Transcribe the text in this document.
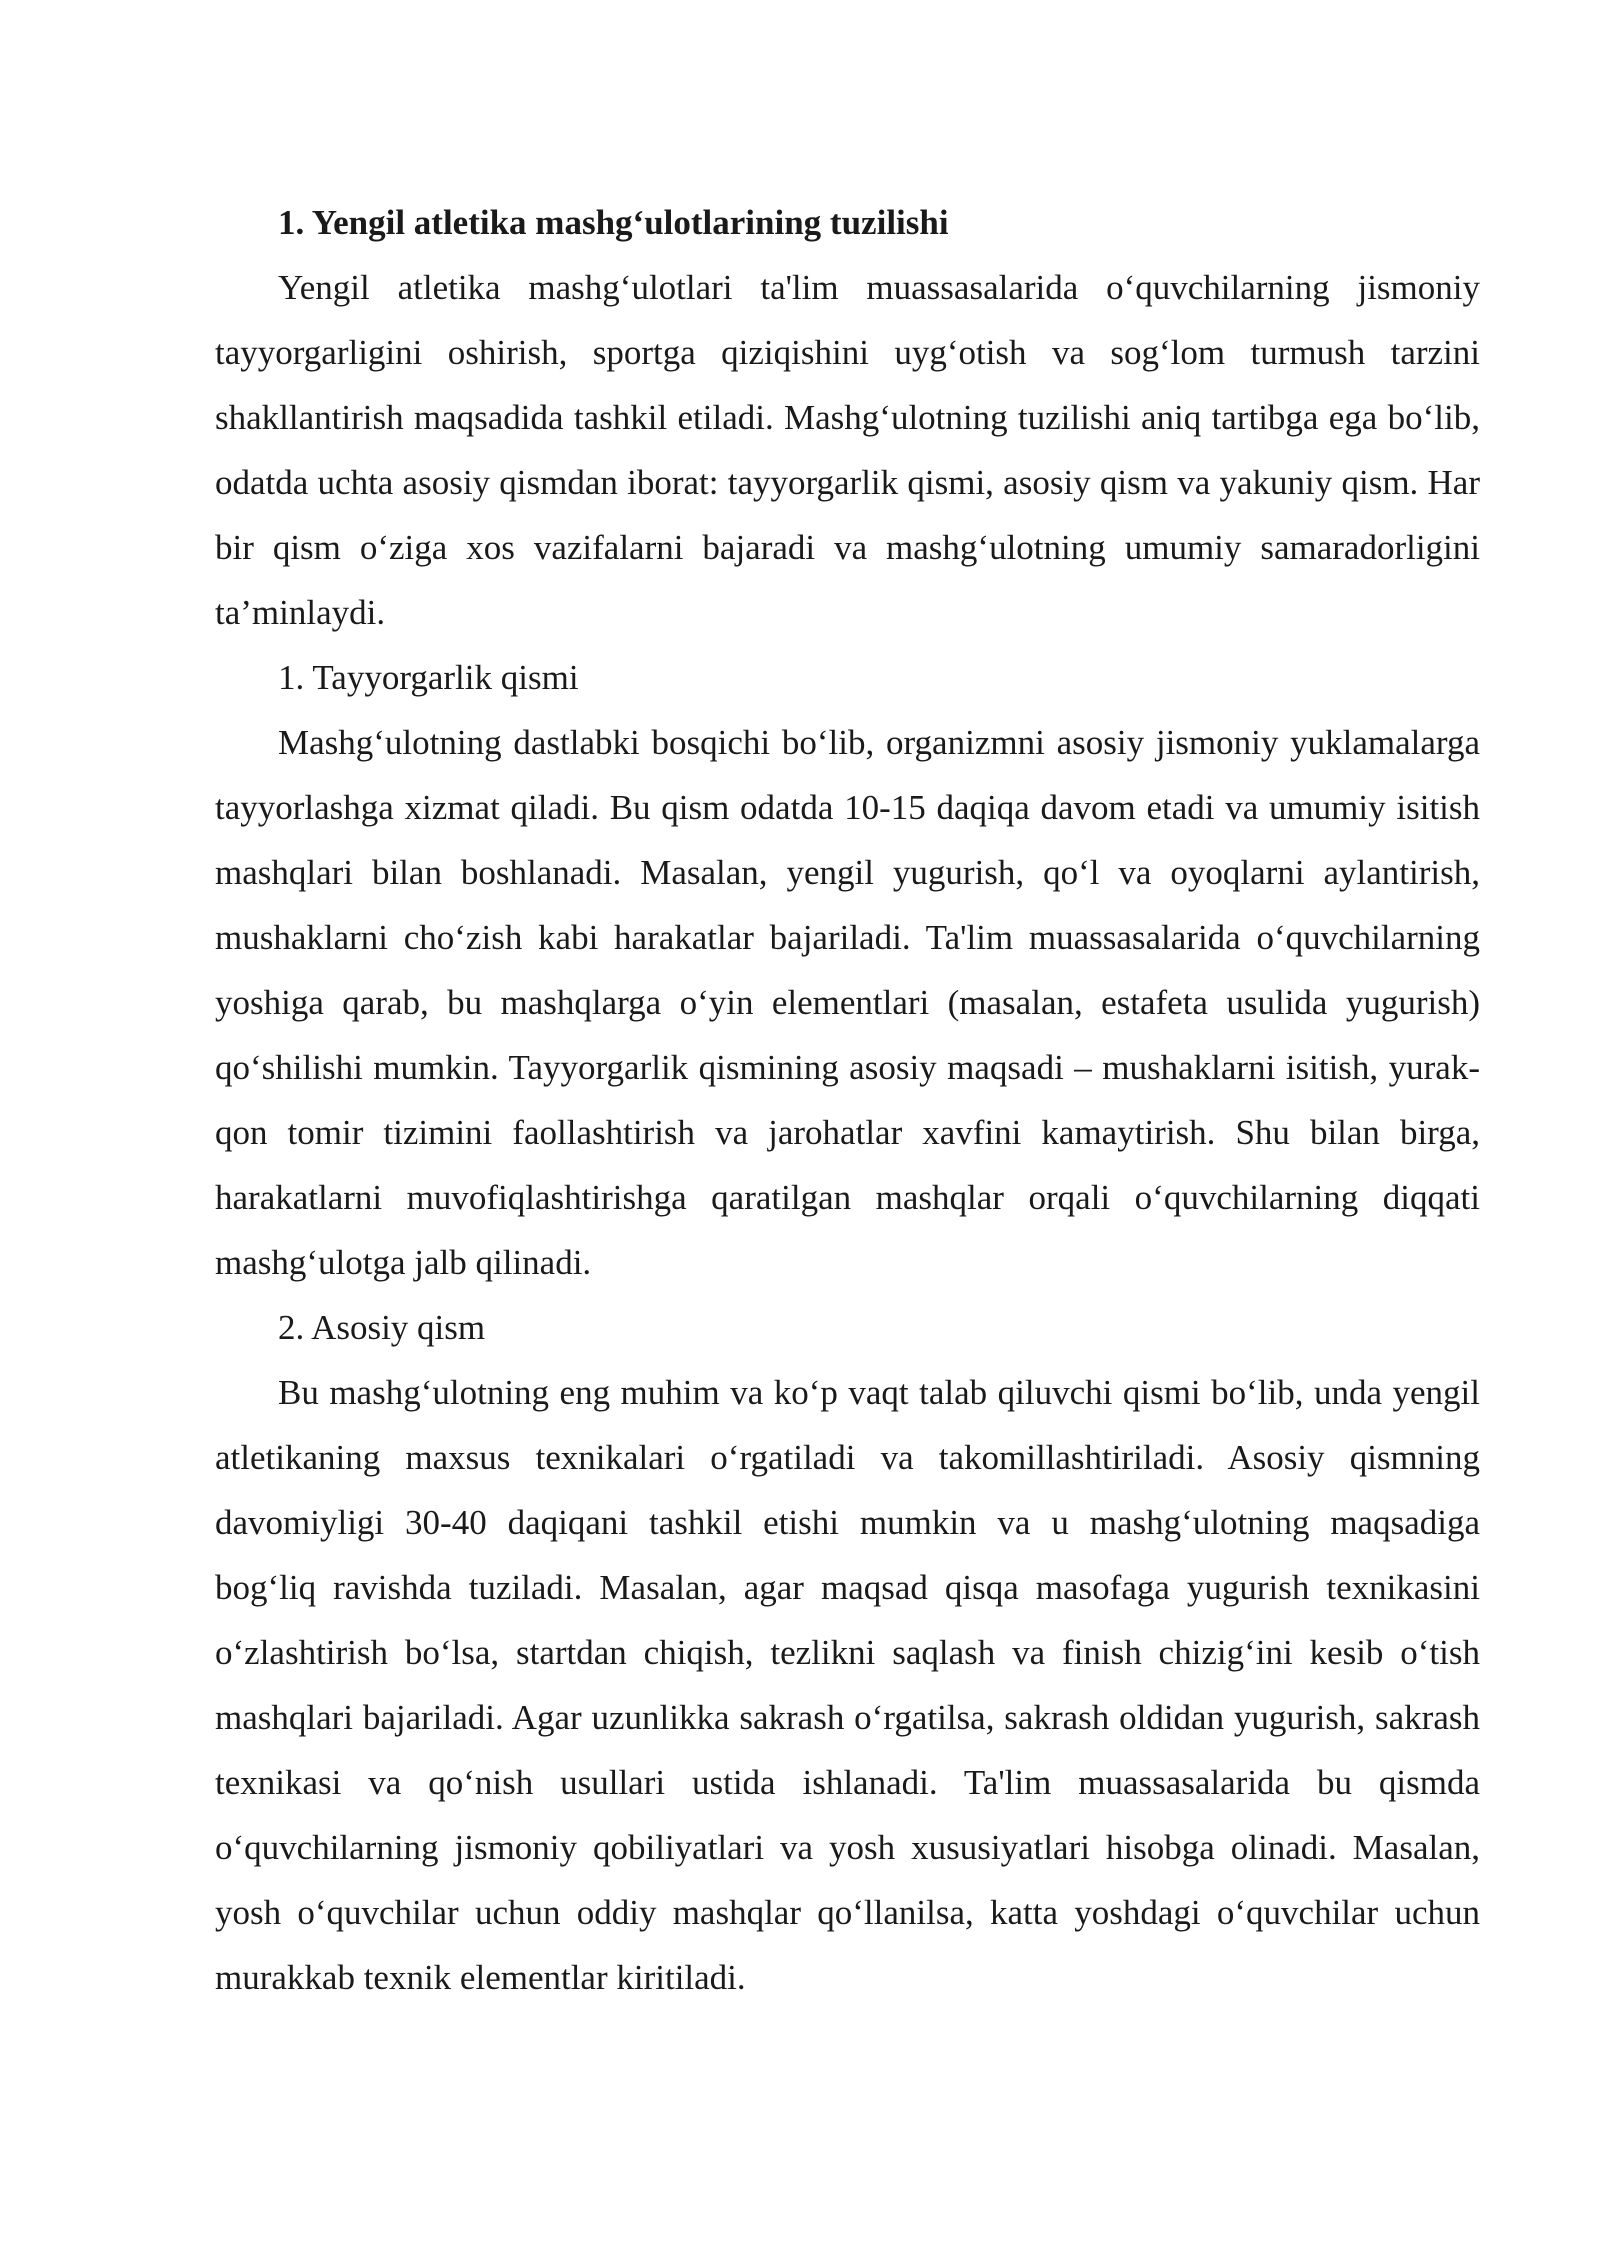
1. Yengil atletika mashg‘ulotlarining tuzilishi

Yengil atletika mashg‘ulotlari ta'lim muassasalarida o‘quvchilarning jismoniy tayyorgarligini oshirish, sportga qiziqishini uyg‘otish va sog‘lom turmush tarzini shakllantirish maqsadida tashkil etiladi. Mashg‘ulotning tuzilishi aniq tartibga ega bo‘lib, odatda uchta asosiy qismdan iborat: tayyorgarlik qismi, asosiy qism va yakuniy qism. Har bir qism o‘ziga xos vazifalarni bajaradi va mashg‘ulotning umumiy samaradorligini ta’minlaydi.

1. Tayyorgarlik qismi

Mashg‘ulotning dastlabki bosqichi bo‘lib, organizmni asosiy jismoniy yuklamalarga tayyorlashga xizmat qiladi. Bu qism odatda 10-15 daqiqa davom etadi va umumiy isitish mashqlari bilan boshlanadi. Masalan, yengil yugurish, qo‘l va oyoqlarni aylantirish, mushaklarni cho‘zish kabi harakatlar bajariladi. Ta'lim muassasalarida o‘quvchilarning yoshiga qarab, bu mashqlarga o‘yin elementlari (masalan, estafeta usulida yugurish) qo‘shilishi mumkin. Tayyorgarlik qismining asosiy maqsadi – mushaklarni isitish, yurak-qon tomir tizimini faollashtirish va jarohatlar xavfini kamaytirish. Shu bilan birga, harakatlarni muvofiqlashtirishga qaratilgan mashqlar orqali o‘quvchilarning diqqati mashg‘ulotga jalb qilinadi.

2. Asosiy qism

Bu mashg‘ulotning eng muhim va ko‘p vaqt talab qiluvchi qismi bo‘lib, unda yengil atletikaning maxsus texnikalari o‘rgatiladi va takomillashtiriladi. Asosiy qismning davomiyligi 30-40 daqiqani tashkil etishi mumkin va u mashg‘ulotning maqsadiga bog‘liq ravishda tuziladi. Masalan, agar maqsad qisqa masofaga yugurish texnikasini o‘zlashtirish bo‘lsa, startdan chiqish, tezlikni saqlash va finish chizig‘ini kesib o‘tish mashqlari bajariladi. Agar uzunlikka sakrash o‘rgatilsa, sakrash oldidan yugurish, sakrash texnikasi va qo‘nish usullari ustida ishlanadi. Ta'lim muassasalarida bu qismda o‘quvchilarning jismoniy qobiliyatlari va yosh xususiyatlari hisobga olinadi. Masalan, yosh o‘quvchilar uchun oddiy mashqlar qo‘llanilsa, katta yoshdagi o‘quvchilar uchun murakkab texnik elementlar kiritiladi.
